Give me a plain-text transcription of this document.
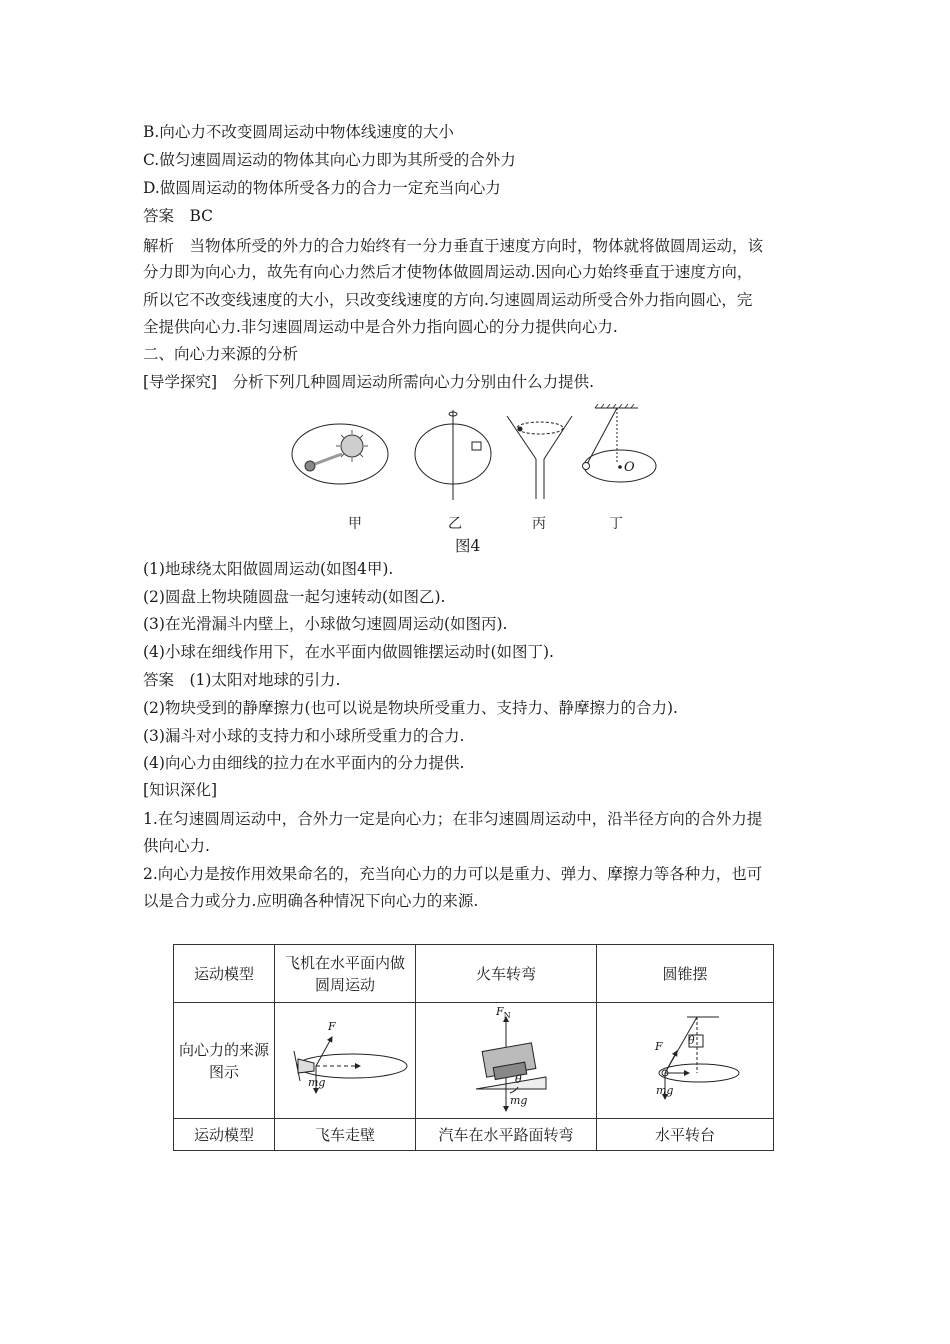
B.向心力不改变圆周运动中物体线速度的大小
C.做匀速圆周运动的物体其向心力即为其所受的合外力
D.做圆周运动的物体所受各力的合力一定充当向心力
答案　BC
解析　当物体所受的外力的合力始终有一分力垂直于速度方向时，物体就将做圆周运动，该
分力即为向心力，故先有向心力然后才使物体做圆周运动.因向心力始终垂直于速度方向，
所以它不改变线速度的大小，只改变线速度的方向.匀速圆周运动所受合外力指向圆心，完
全提供向心力.非匀速圆周运动中是合外力指向圆心的分力提供向心力.
二、向心力来源的分析
[导学探究]　分析下列几种圆周运动所需向心力分别由什么力提供.
甲	乙	丙	丁
O
图4
(1)地球绕太阳做圆周运动(如图4甲).
(2)圆盘上物块随圆盘一起匀速转动(如图乙).
(3)在光滑漏斗内壁上，小球做匀速圆周运动(如图丙).
(4)小球在细线作用下，在水平面内做圆锥摆运动时(如图丁).
答案　(1)太阳对地球的引力.
(2)物块受到的静摩擦力(也可以说是物块所受重力、支持力、静摩擦力的合力).
(3)漏斗对小球的支持力和小球所受重力的合力.
(4)向心力由细线的拉力在水平面内的分力提供.
[知识深化]
1.在匀速圆周运动中，合外力一定是向心力；在非匀速圆周运动中，沿半径方向的合外力提
供向心力.
2.向心力是按作用效果命名的，充当向心力的力可以是重力、弹力、摩擦力等各种力，也可
以是合力或分力.应明确各种情况下向心力的来源.
运动模型	飞机在水平面内做圆周运动	火车转弯	圆锥摆
向心力的来源图示	

运动模型	飞车走壁	汽车在水平路面转弯	水平转台
F
mg
$F_N$
θ
mg
F θ
mg
